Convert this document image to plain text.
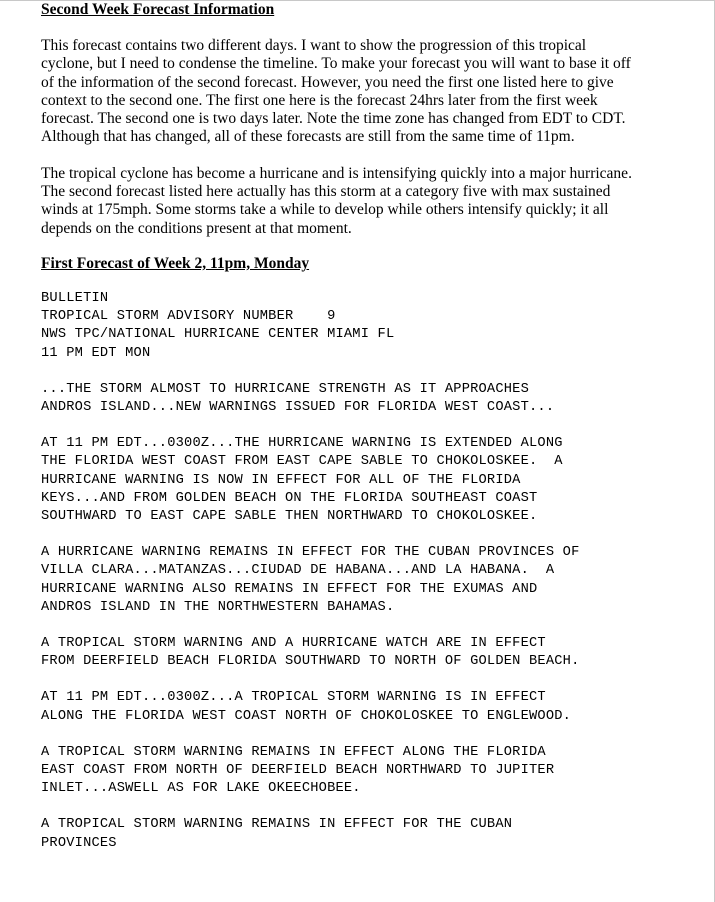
Second Week Forecast Information

This forecast contains two different days. I want to show the progression of this tropical
cyclone, but I need to condense the timeline. To make your forecast you will want to base it off
of the information of the second forecast. However, you need the first one listed here to give
context to the second one. The first one here is the forecast 24hrs later from the first week
forecast. The second one is two days later. Note the time zone has changed from EDT to CDT.
Although that has changed, all of these forecasts are still from the same time of 11pm.
The tropical cyclone has become a hurricane and is intensifying quickly into a major hurricane.
The second forecast listed here actually has this storm at a category five with max sustained
winds at 175mph. Some storms take a while to develop while others intensify quickly; it all
depends on the conditions present at that moment.

First Forecast of Week 2, 11pm, Monday

BULLETIN
TROPICAL STORM ADVISORY NUMBER    9
NWS TPC/NATIONAL HURRICANE CENTER MIAMI FL
11 PM EDT MON
...THE STORM ALMOST TO HURRICANE STRENGTH AS IT APPROACHES
ANDROS ISLAND...NEW WARNINGS ISSUED FOR FLORIDA WEST COAST...
AT 11 PM EDT...0300Z...THE HURRICANE WARNING IS EXTENDED ALONG
THE FLORIDA WEST COAST FROM EAST CAPE SABLE TO CHOKOLOSKEE.  A
HURRICANE WARNING IS NOW IN EFFECT FOR ALL OF THE FLORIDA
KEYS...AND FROM GOLDEN BEACH ON THE FLORIDA SOUTHEAST COAST
SOUTHWARD TO EAST CAPE SABLE THEN NORTHWARD TO CHOKOLOSKEE.
A HURRICANE WARNING REMAINS IN EFFECT FOR THE CUBAN PROVINCES OF
VILLA CLARA...MATANZAS...CIUDAD DE HABANA...AND LA HABANA.  A
HURRICANE WARNING ALSO REMAINS IN EFFECT FOR THE EXUMAS AND
ANDROS ISLAND IN THE NORTHWESTERN BAHAMAS.
A TROPICAL STORM WARNING AND A HURRICANE WATCH ARE IN EFFECT
FROM DEERFIELD BEACH FLORIDA SOUTHWARD TO NORTH OF GOLDEN BEACH.
AT 11 PM EDT...0300Z...A TROPICAL STORM WARNING IS IN EFFECT
ALONG THE FLORIDA WEST COAST NORTH OF CHOKOLOSKEE TO ENGLEWOOD.
A TROPICAL STORM WARNING REMAINS IN EFFECT ALONG THE FLORIDA
EAST COAST FROM NORTH OF DEERFIELD BEACH NORTHWARD TO JUPITER
INLET...ASWELL AS FOR LAKE OKEECHOBEE.
A TROPICAL STORM WARNING REMAINS IN EFFECT FOR THE CUBAN
PROVINCES
